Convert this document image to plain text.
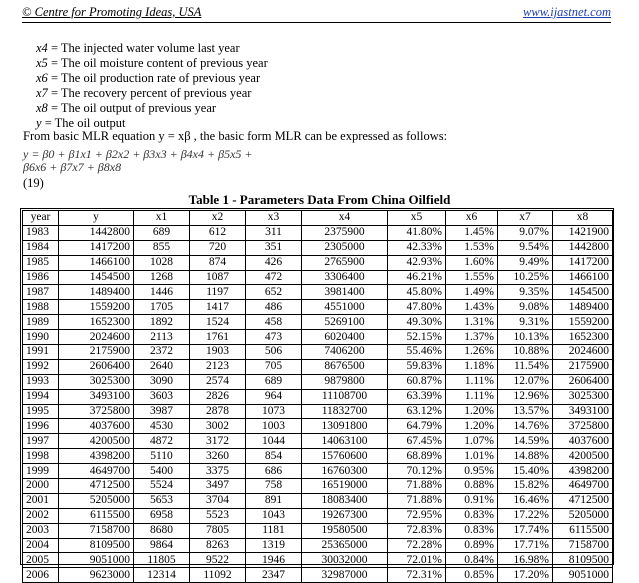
© Centre for Promoting Ideas, USA	www.ijastnet.com
x4 = The injected water volume last year
x5 = The oil moisture content of previous year
x6 = The oil production rate of previous year
x7 = The recovery percent of previous year
x8 = The oil output of previous year
y = The oil output
From basic MLR equation y = xβ , the basic form MLR can be expressed as follows:
y = β0 + β1x1 + β2x2 + β3x3 + β4x4 + β5x5 +
β6x6 + β7x7 + β8x8
(19)
Table 1 - Parameters Data From China Oilfield
year	y	x1	x2	x3	x4	x5	x6	x7	x8
1983	1442800	689	612	311	2375900	41.80%	1.45%	9.07%	1421900
1984	1417200	855	720	351	2305000	42.33%	1.53%	9.54%	1442800
1985	1466100	1028	874	426	2765900	42.93%	1.60%	9.49%	1417200
1986	1454500	1268	1087	472	3306400	46.21%	1.55%	10.25%	1466100
1987	1489400	1446	1197	652	3981400	45.80%	1.49%	9.35%	1454500
1988	1559200	1705	1417	486	4551000	47.80%	1.43%	9.08%	1489400
1989	1652300	1892	1524	458	5269100	49.30%	1.31%	9.31%	1559200
1990	2024600	2113	1761	473	6020400	52.15%	1.37%	10.13%	1652300
1991	2175900	2372	1903	506	7406200	55.46%	1.26%	10.88%	2024600
1992	2606400	2640	2123	705	8676500	59.83%	1.18%	11.54%	2175900
1993	3025300	3090	2574	689	9879800	60.87%	1.11%	12.07%	2606400
1994	3493100	3603	2826	964	11108700	63.39%	1.11%	12.96%	3025300
1995	3725800	3987	2878	1073	11832700	63.12%	1.20%	13.57%	3493100
1996	4037600	4530	3002	1003	13091800	64.79%	1.20%	14.76%	3725800
1997	4200500	4872	3172	1044	14063100	67.45%	1.07%	14.59%	4037600
1998	4398200	5110	3260	854	15760600	68.89%	1.01%	14.88%	4200500
1999	4649700	5400	3375	686	16760300	70.12%	0.95%	15.40%	4398200
2000	4712500	5524	3497	758	16519000	71.88%	0.88%	15.82%	4649700
2001	5205000	5653	3704	891	18083400	71.88%	0.91%	16.46%	4712500
2002	6115500	6958	5523	1043	19267300	72.95%	0.83%	17.22%	5205000
2003	7158700	8680	7805	1181	19580500	72.83%	0.83%	17.74%	6115500
2004	8109500	9864	8263	1319	25365000	72.28%	0.89%	17.71%	7158700
2005	9051000	11805	9522	1946	30032000	72.01%	0.84%	16.98%	8109500
2006	9623000	12314	11092	2347	32987000	72.31%	0.85%	17.20%	9051000
